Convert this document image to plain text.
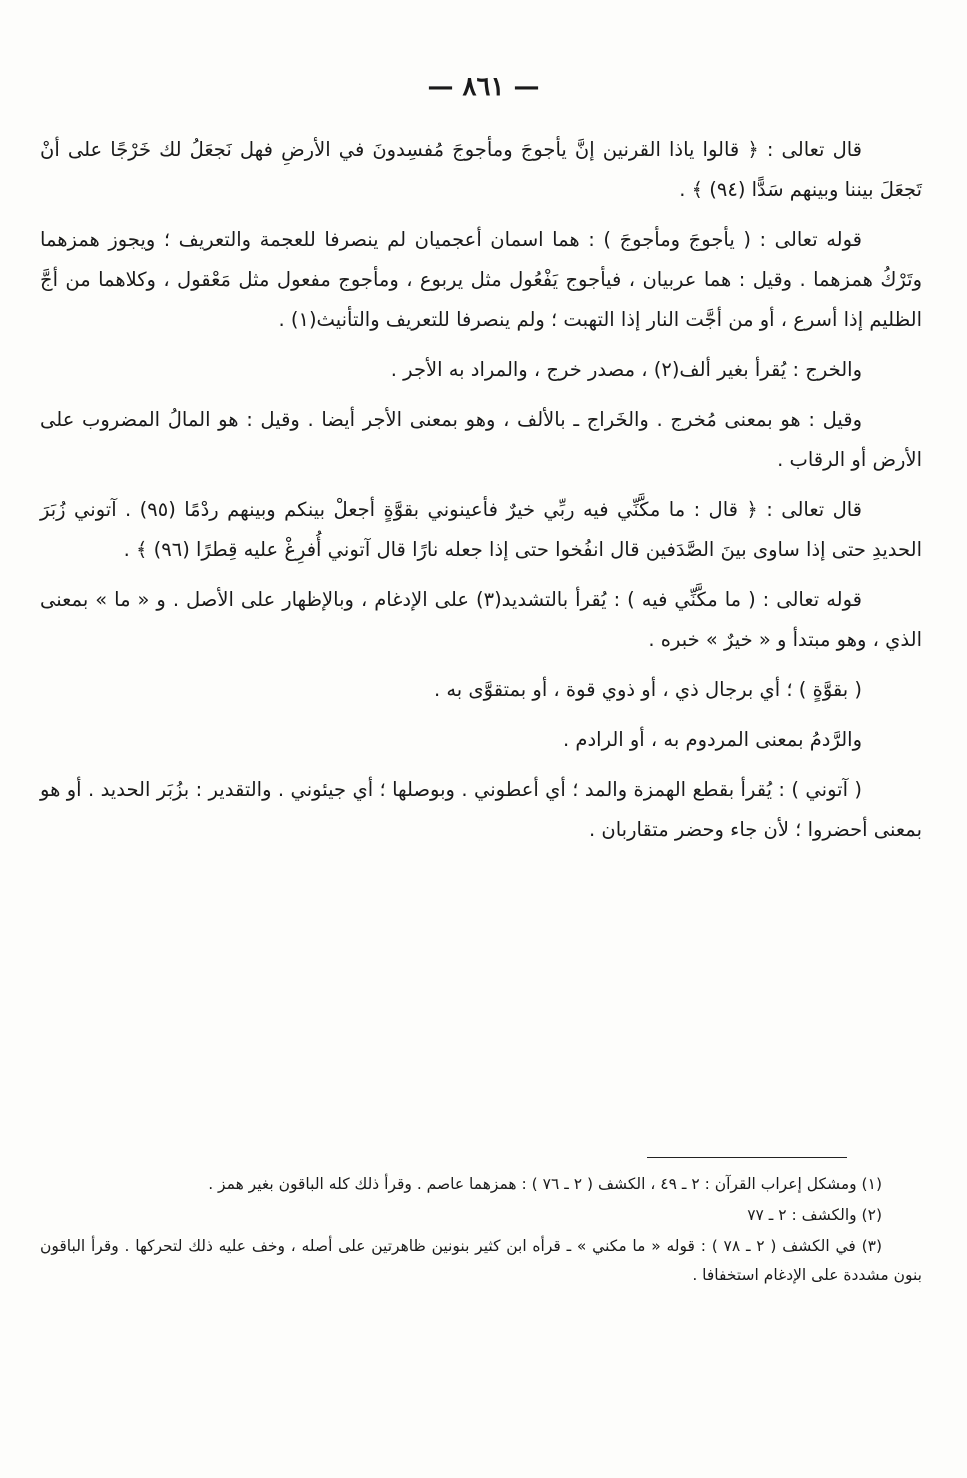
— ٨٦١ —

قال تعالى : ﴿ قالوا ياذا القرنين إنَّ يأجوجَ ومأجوجَ مُفسِدونَ في الأرضِ فهل نَجعَلُ لك خَرْجًا على أنْ تَجعَلَ بيننا وبينهم سَدًّا (٩٤) ﴾ .

قوله تعالى : ( يأجوجَ ومأجوجَ ) : هما اسمان أعجميان لم ينصرفا للعجمة والتعريف ؛ ويجوز همزهما وتَرْكُ همزهما . وقيل : هما عربيان ، فيأجوج يَفْعُول مثل يربوع ، ومأجوج مفعول مثل مَعْقول ، وكلاهما من أجَّ الظليم إذا أسرع ، أو من أجَّت النار إذا التهبت ؛ ولم ينصرفا للتعريف والتأنيث(١) .

والخرج : يُقرأ بغير ألف(٢) ، مصدر خرج ، والمراد به الأجر .

وقيل : هو بمعنى مُخرج . والخَراج ـ بالألف ، وهو بمعنى الأجر أيضا . وقيل : هو المالُ المضروب على الأرض أو الرقاب .

قال تعالى : ﴿ قال : ما مكَّنِّي فيه ربِّي خيرٌ فأعينوني بقوَّةٍ أجعلْ بينكم وبينهم ردْمًا (٩٥) . آتوني زُبَرَ الحديدِ حتى إذا ساوى بينَ الصَّدَفين قال انفُخوا حتى إذا جعله نارًا قال آتوني أُفرِغْ عليه قِطرًا (٩٦) ﴾ .

قوله تعالى : ( ما مكَّنِّي فيه ) : يُقرأ بالتشديد(٣) على الإدغام ، وبالإظهار على الأصل . و « ما » بمعنى الذي ، وهو مبتدأ و « خيرٌ » خبره .

( بقوَّةٍ ) ؛ أي برجال ذي ، أو ذوي قوة ، أو بمتقوَّى به .

والرَّدمُ بمعنى المردوم به ، أو الرادم .

( آتوني ) : يُقرأ بقطع الهمزة والمد ؛ أي أعطوني . وبوصلها ؛ أي جيئوني . والتقدير : بزُبَر الحديد . أو هو بمعنى أحضروا ؛ لأن جاء وحضر متقاربان .

(١) ومشكل إعراب القرآن : ٢ ـ ٤٩ ، الكشف ( ٢ ـ ٧٦ ) : همزهما عاصم . وقرأ ذلك كله الباقون بغير همز .

(٢) والكشف : ٢ ـ ٧٧

(٣) في الكشف ( ٢ ـ ٧٨ ) : قوله « ما مكني » ـ قرأه ابن كثير بنونين ظاهرتين على أصله ، وخف عليه ذلك لتحركها . وقرأ الباقون بنون مشددة على الإدغام استخفافا .
